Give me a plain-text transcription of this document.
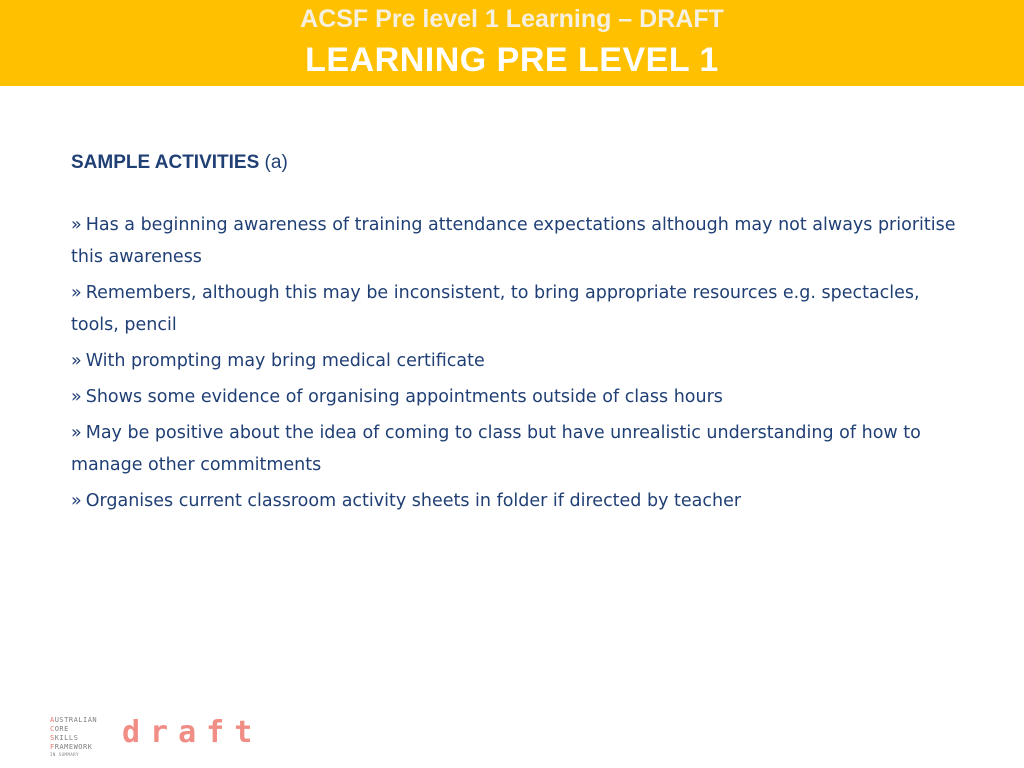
ACSF Pre level 1 Learning – DRAFT
LEARNING PRE LEVEL 1
SAMPLE ACTIVITIES (a)
» Has a beginning awareness of training attendance expectations although may not always prioritise this awareness
» Remembers, although this may be inconsistent, to bring appropriate resources e.g. spectacles, tools, pencil
» With prompting may bring medical certificate
» Shows some evidence of organising appointments outside of class hours
» May be positive about the idea of coming to class but have unrealistic understanding of how to manage other commitments
» Organises current classroom activity sheets in folder if directed by teacher
AUSTRALIAN
CORE
SKILLS
FRAMEWORK
IN SUMMARY
draft
